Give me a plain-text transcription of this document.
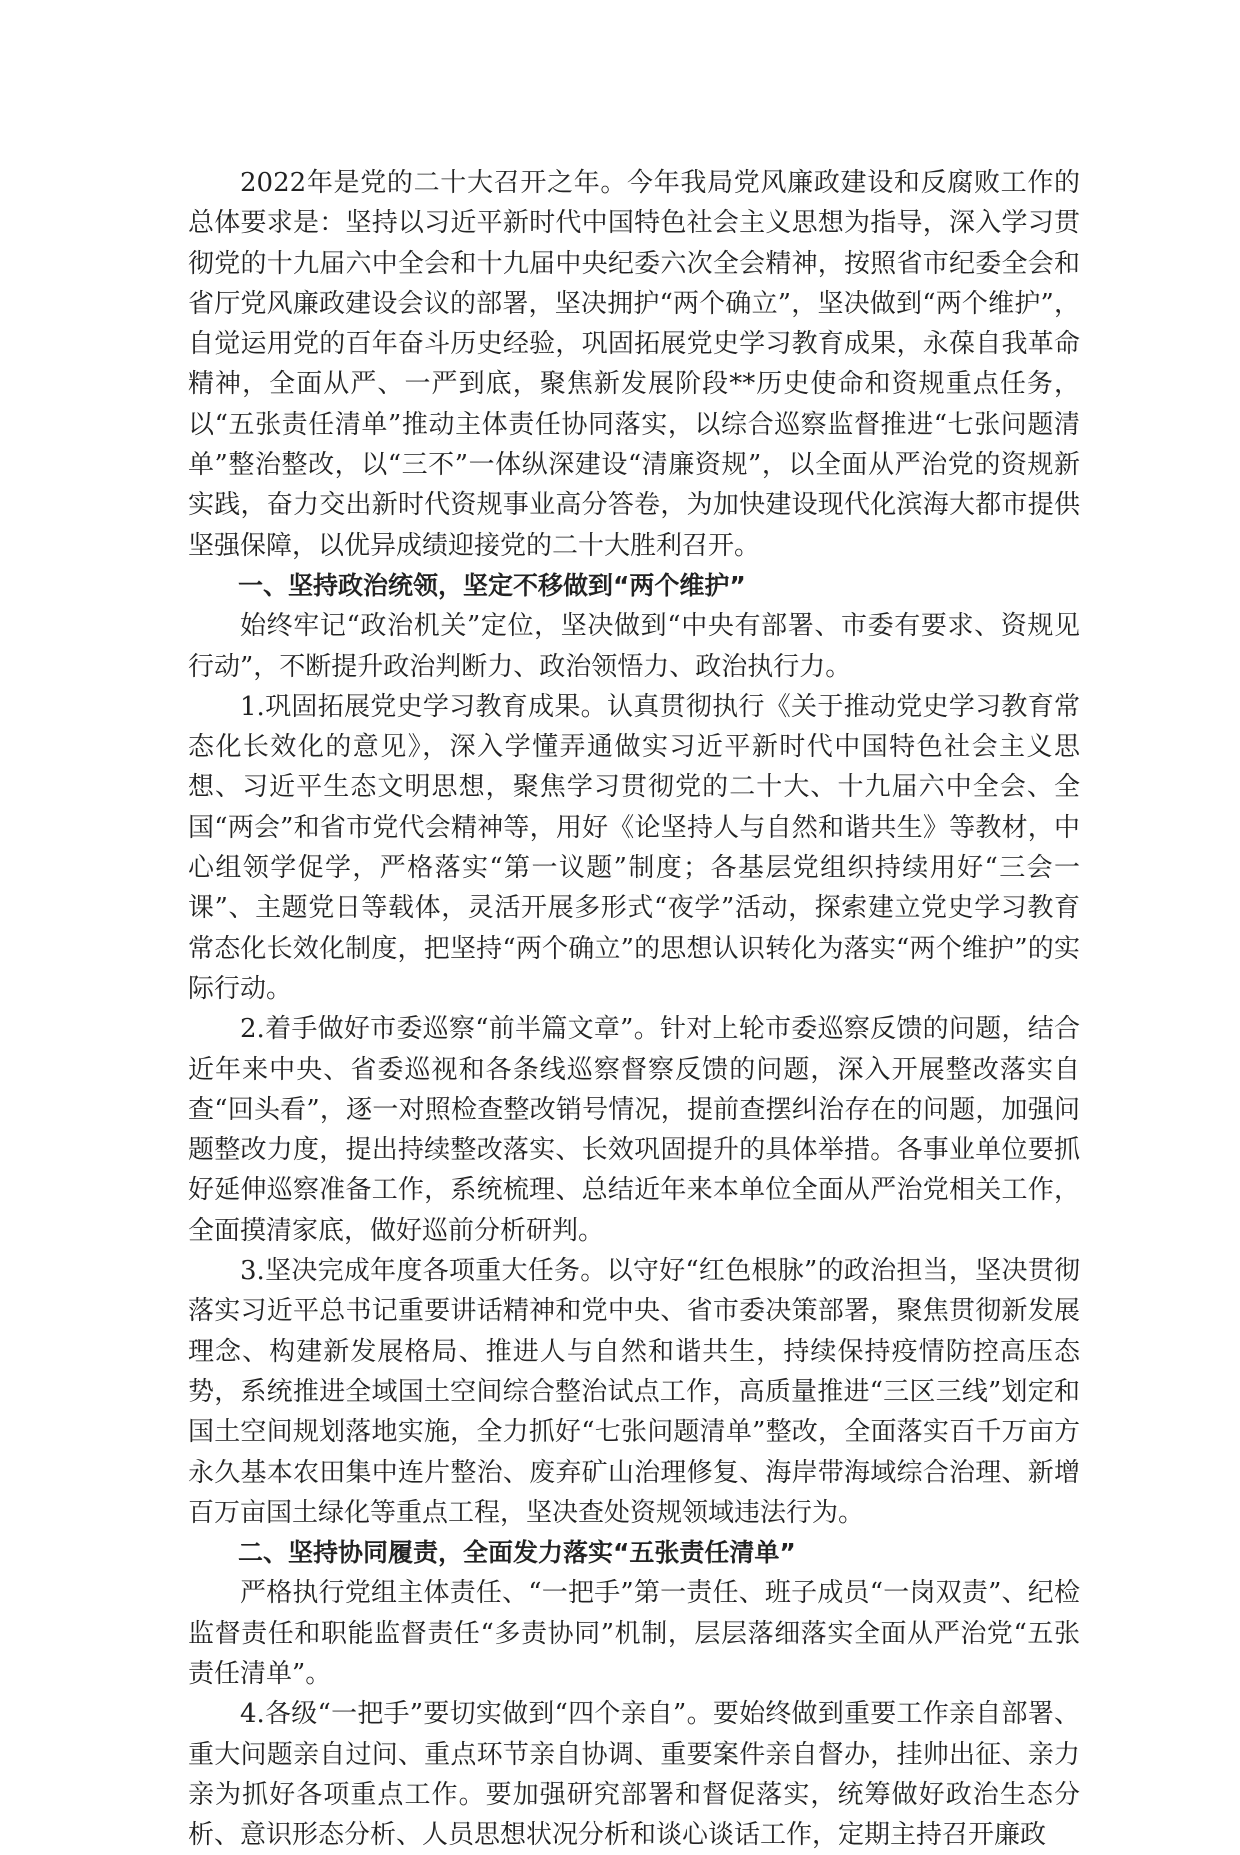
2022年是党的二十大召开之年。今年我局党风廉政建设和反腐败工作的总体要求是：坚持以习近平新时代中国特色社会主义思想为指导，深入学习贯彻党的十九届六中全会和十九届中央纪委六次全会精神，按照省市纪委全会和省厅党风廉政建设会议的部署，坚决拥护“两个确立”，坚决做到“两个维护”，自觉运用党的百年奋斗历史经验，巩固拓展党史学习教育成果，永葆自我革命精神，全面从严、一严到底，聚焦新发展阶段**历史使命和资规重点任务，以“五张责任清单”推动主体责任协同落实，以综合巡察监督推进“七张问题清单”整治整改，以“三不”一体纵深建设“清廉资规”，以全面从严治党的资规新实践，奋力交出新时代资规事业高分答卷，为加快建设现代化滨海大都市提供坚强保障，以优异成绩迎接党的二十大胜利召开。

一、坚持政治统领，坚定不移做到“两个维护”

始终牢记“政治机关”定位，坚决做到“中央有部署、市委有要求、资规见行动”，不断提升政治判断力、政治领悟力、政治执行力。

1.巩固拓展党史学习教育成果。认真贯彻执行《关于推动党史学习教育常态化长效化的意见》，深入学懂弄通做实习近平新时代中国特色社会主义思想、习近平生态文明思想，聚焦学习贯彻党的二十大、十九届六中全会、全国“两会”和省市党代会精神等，用好《论坚持人与自然和谐共生》等教材，中心组领学促学，严格落实“第一议题”制度；各基层党组织持续用好“三会一课”、主题党日等载体，灵活开展多形式“夜学”活动，探索建立党史学习教育常态化长效化制度，把坚持“两个确立”的思想认识转化为落实“两个维护”的实际行动。

2.着手做好市委巡察“前半篇文章”。针对上轮市委巡察反馈的问题，结合近年来中央、省委巡视和各条线巡察督察反馈的问题，深入开展整改落实自查“回头看”，逐一对照检查整改销号情况，提前查摆纠治存在的问题，加强问题整改力度，提出持续整改落实、长效巩固提升的具体举措。各事业单位要抓好延伸巡察准备工作，系统梳理、总结近年来本单位全面从严治党相关工作，全面摸清家底，做好巡前分析研判。

3.坚决完成年度各项重大任务。以守好“红色根脉”的政治担当，坚决贯彻落实习近平总书记重要讲话精神和党中央、省市委决策部署，聚焦贯彻新发展理念、构建新发展格局、推进人与自然和谐共生，持续保持疫情防控高压态势，系统推进全域国土空间综合整治试点工作，高质量推进“三区三线”划定和国土空间规划落地实施，全力抓好“七张问题清单”整改，全面落实百千万亩方永久基本农田集中连片整治、废弃矿山治理修复、海岸带海域综合治理、新增百万亩国土绿化等重点工程，坚决查处资规领域违法行为。

二、坚持协同履责，全面发力落实“五张责任清单”

严格执行党组主体责任、“一把手”第一责任、班子成员“一岗双责”、纪检监督责任和职能监督责任“多责协同”机制，层层落细落实全面从严治党“五张责任清单”。

4.各级“一把手”要切实做到“四个亲自”。要始终做到重要工作亲自部署、重大问题亲自过问、重点环节亲自协调、重要案件亲自督办，挂帅出征、亲力亲为抓好各项重点工作。要加强研究部署和督促落实，统筹做好政治生态分析、意识形态分析、人员思想状况分析和谈心谈话工作，定期主持召开廉政
